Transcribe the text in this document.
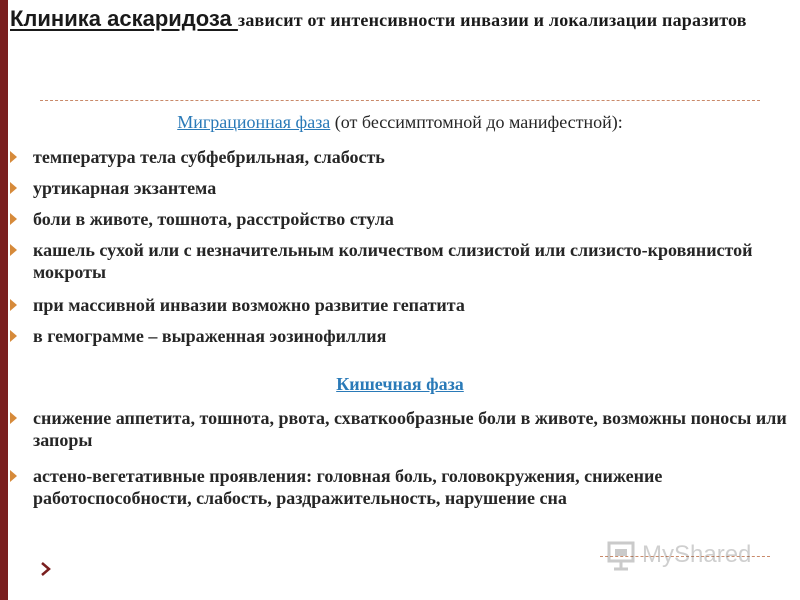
Клиника аскаридоза зависит от интенсивности инвазии и локализации паразитов
Миграционная фаза (от бессимптомной до манифестной):
температура тела субфебрильная, слабость
уртикарная экзантема
боли в животе, тошнота, расстройство стула
кашель сухой или с незначительным количеством слизистой или слизисто-кровянистой мокроты
при массивной инвазии возможно развитие гепатита
в гемограмме – выраженная эозинофиллия
Кишечная фаза
снижение аппетита, тошнота, рвота, схваткообразные боли в животе, возможны поносы или запоры
астено-вегетативные проявления: головная боль, головокружения, снижение работоспособности, слабость, раздражительность, нарушение сна
MyShared
